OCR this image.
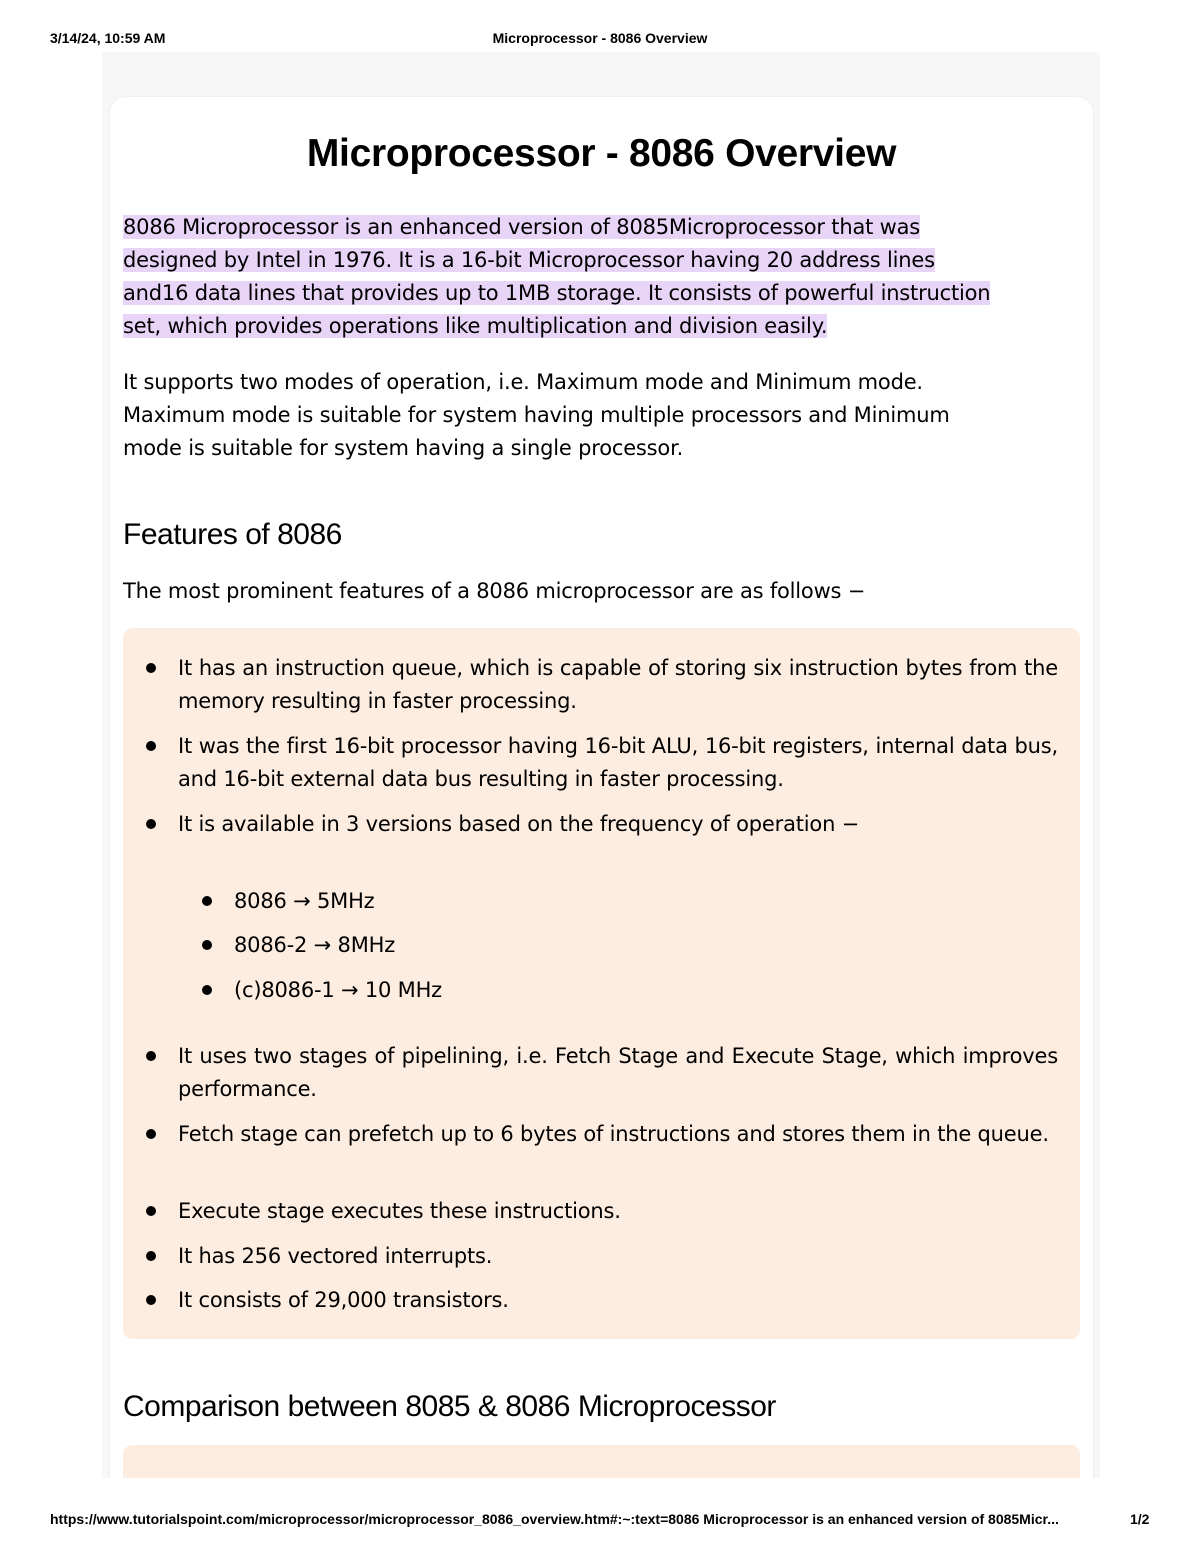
3/14/24, 10:59 AM	Microprocessor - 8086 Overview
Microprocessor - 8086 Overview

8086 Microprocessor is an enhanced version of 8085Microprocessor that was
designed by Intel in 1976. It is a 16-bit Microprocessor having 20 address lines
and16 data lines that provides up to 1MB storage. It consists of powerful instruction
set, which provides operations like multiplication and division easily.

It supports two modes of operation, i.e. Maximum mode and Minimum mode.
Maximum mode is suitable for system having multiple processors and Minimum
mode is suitable for system having a single processor.

Features of 8086

The most prominent features of a 8086 microprocessor are as follows −

It has an instruction queue, which is capable of storing six instruction bytes from the memory resulting in faster processing.

It was the first 16-bit processor having 16-bit ALU, 16-bit registers, internal data bus, and 16-bit external data bus resulting in faster processing.

It is available in 3 versions based on the frequency of operation −

8086 → 5MHz

8086-2 → 8MHz

(c)8086-1 → 10 MHz

It uses two stages of pipelining, i.e. Fetch Stage and Execute Stage, which improves performance.

Fetch stage can prefetch up to 6 bytes of instructions and stores them in the queue.

Execute stage executes these instructions.

It has 256 vectored interrupts.

It consists of 29,000 transistors.

Comparison between 8085 & 8086 Microprocessor
https://www.tutorialspoint.com/microprocessor/microprocessor_8086_overview.htm#:~:text=8086 Microprocessor is an enhanced version of 8085Micr...	1/2
